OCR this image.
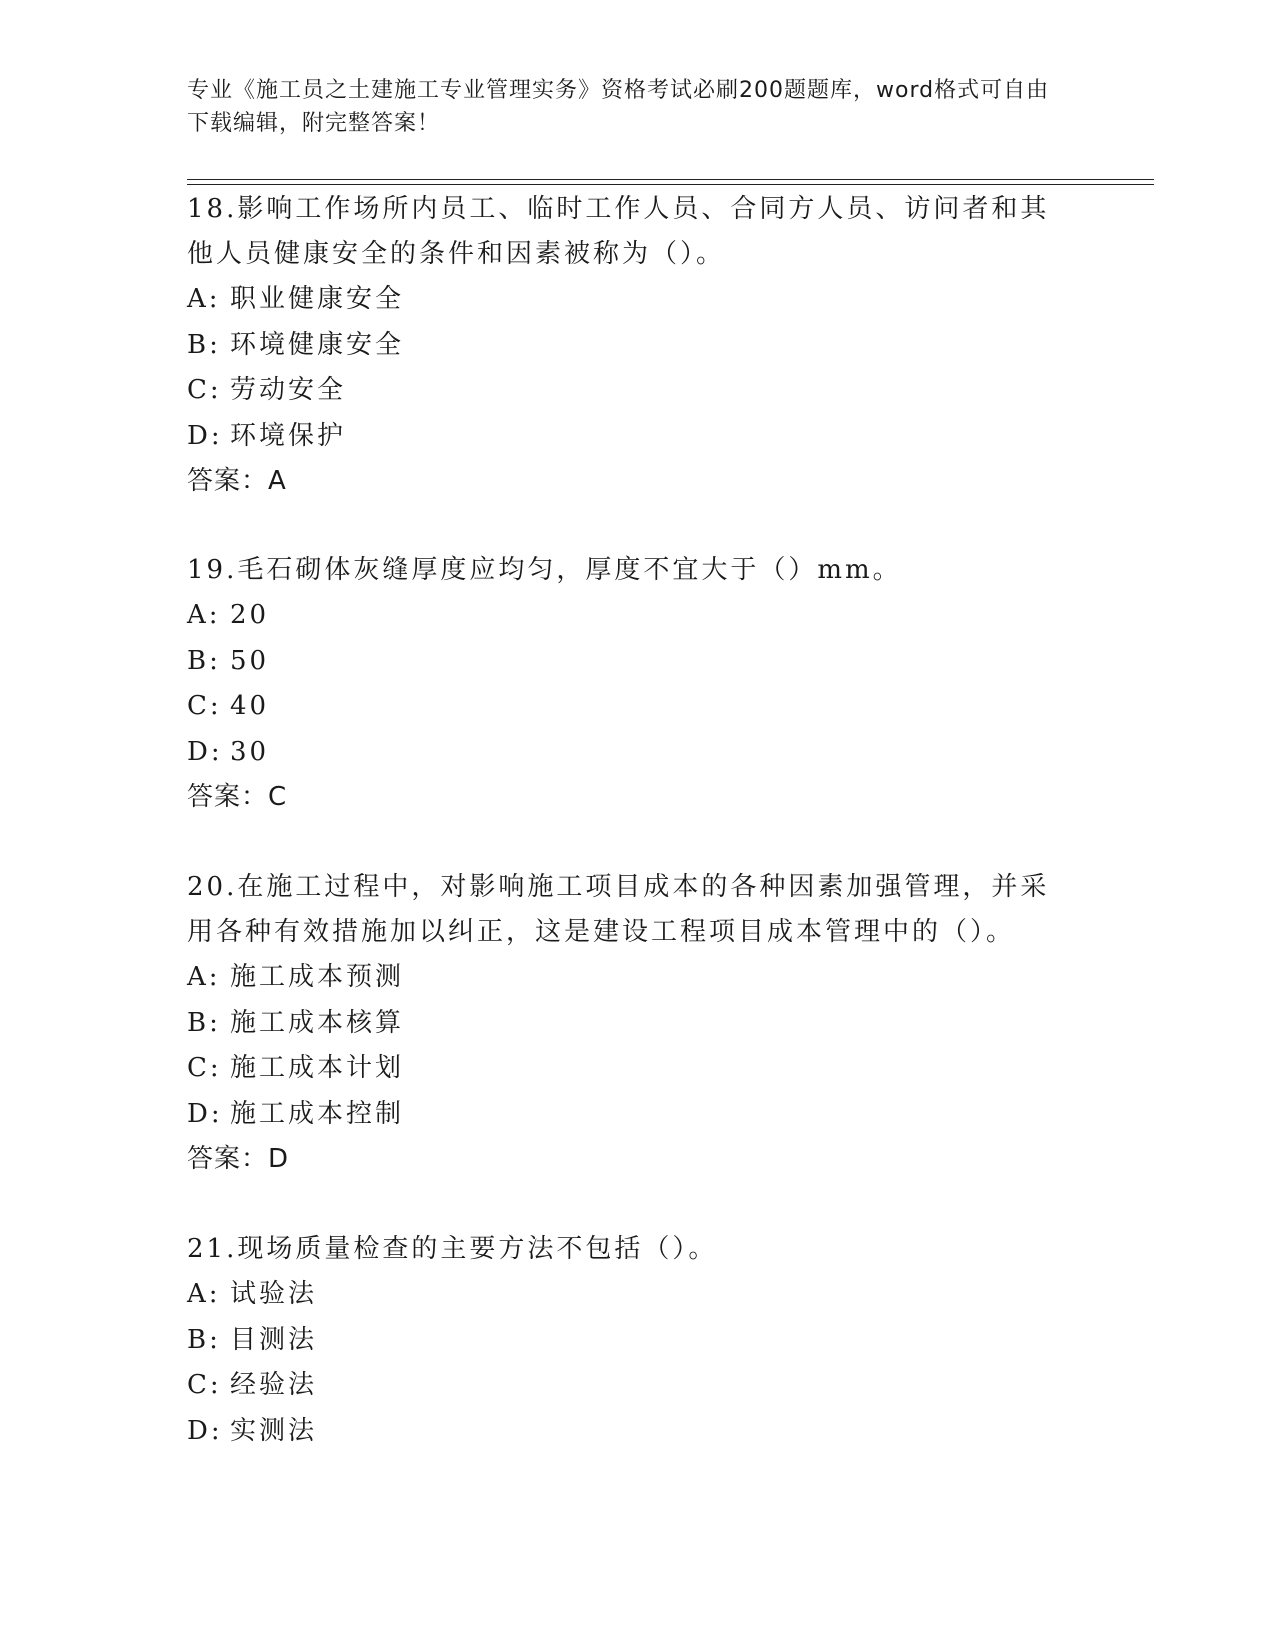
专业《施工员之土建施工专业管理实务》资格考试必刷200题题库，word格式可自由下载编辑，附完整答案！
18.影响工作场所内员工、临时工作人员、合同方人员、访问者和其他人员健康安全的条件和因素被称为（）。
A: 职业健康安全
B: 环境健康安全
C: 劳动安全
D: 环境保护
答案：A
19.毛石砌体灰缝厚度应均匀，厚度不宜大于（）mm。
A: 20
B: 50
C: 40
D: 30
答案：C
20.在施工过程中，对影响施工项目成本的各种因素加强管理，并采用各种有效措施加以纠正，这是建设工程项目成本管理中的（）。
A: 施工成本预测
B: 施工成本核算
C: 施工成本计划
D: 施工成本控制
答案：D
21.现场质量检查的主要方法不包括（）。
A: 试验法
B: 目测法
C: 经验法
D: 实测法
